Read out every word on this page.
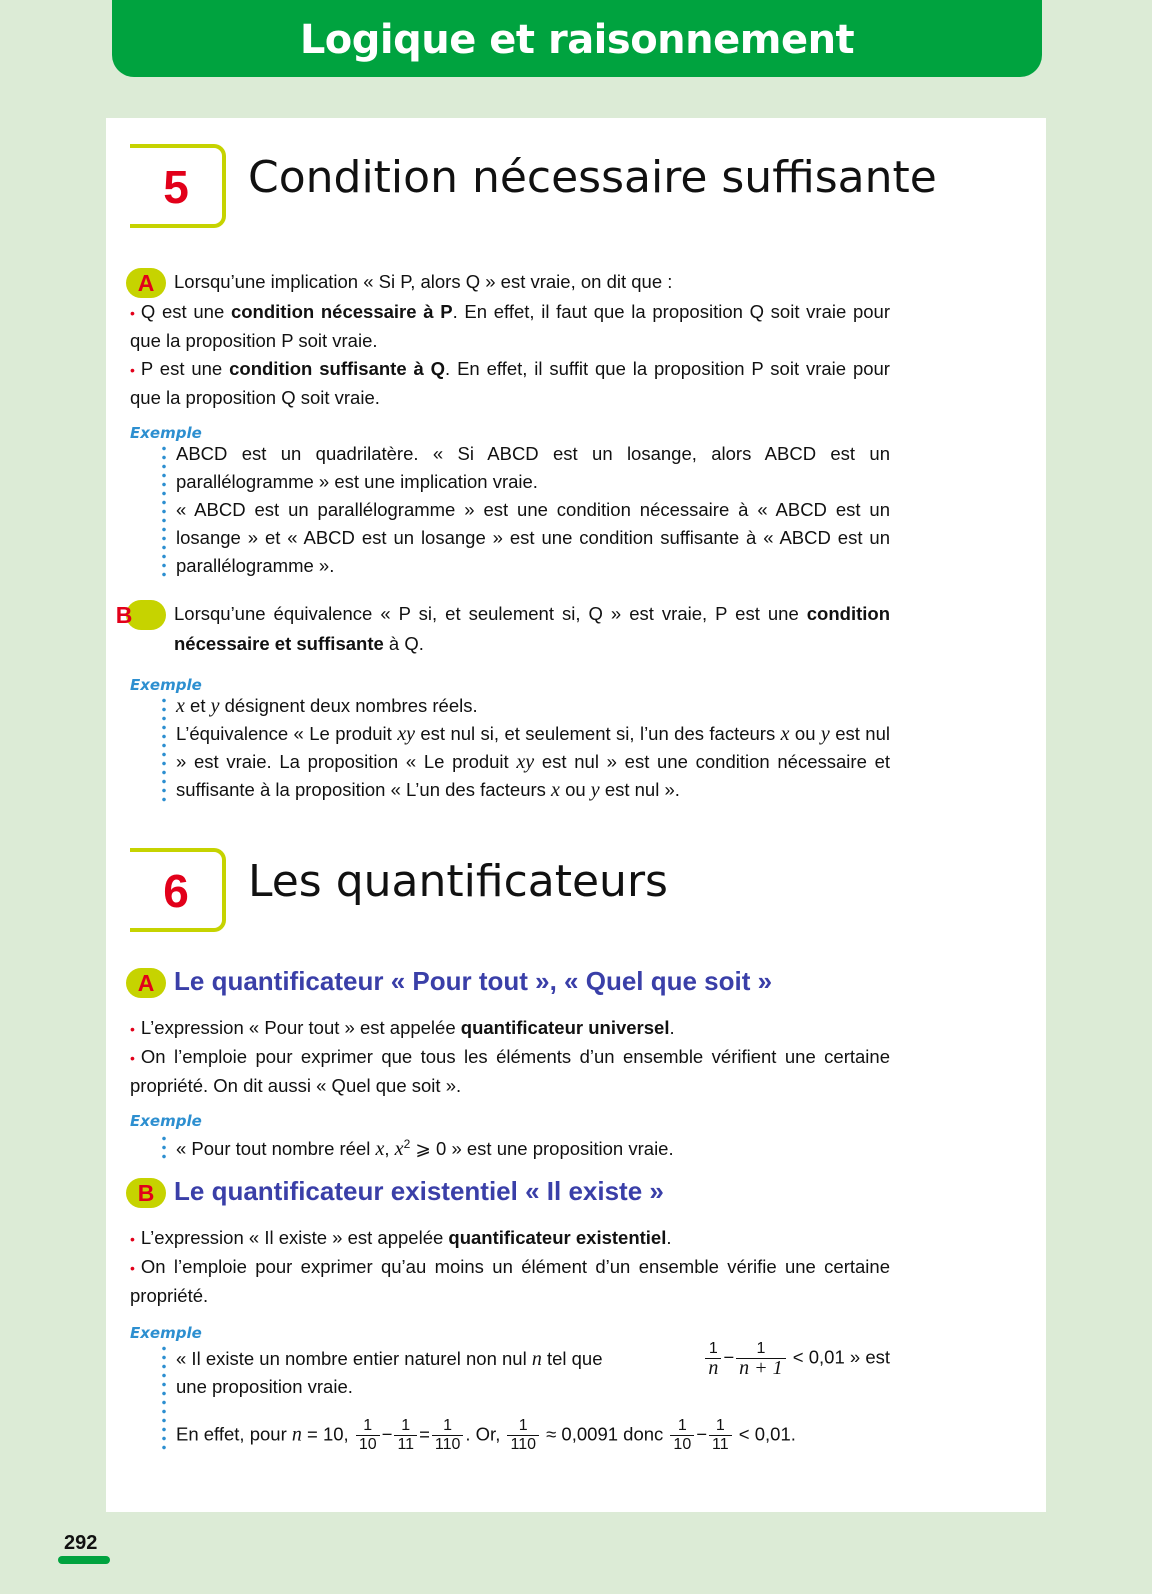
Logique et raisonnement
5	Condition nécessaire suffisante
A Lorsqu’une implication « Si P, alors Q » est vraie, on dit que :
• Q est une condition nécessaire à P. En effet, il faut que la proposition Q soit vraie pour que la proposition P soit vraie.
• P est une condition suffisante à Q. En effet, il suffit que la proposition P soit vraie pour que la proposition Q soit vraie.
Exemple
ABCD est un quadrilatère. « Si ABCD est un losange, alors ABCD est un parallélogramme » est une implication vraie.
« ABCD est un parallélogramme » est une condition nécessaire à « ABCD est un losange » et « ABCD est un losange » est une condition suffisante à « ABCD est un parallélogramme ».
B Lorsqu’une équivalence « P si, et seulement si, Q » est vraie, P est une condition nécessaire et suffisante à Q.
Exemple
x et y désignent deux nombres réels.
L’équivalence « Le produit xy est nul si, et seulement si, l’un des facteurs x ou y est nul » est vraie. La proposition « Le produit xy est nul » est une condition nécessaire et suffisante à la proposition « L’un des facteurs x ou y est nul ».
6	Les quantificateurs
A Le quantificateur « Pour tout », « Quel que soit »
• L’expression « Pour tout » est appelée quantificateur universel.
• On l’emploie pour exprimer que tous les éléments d’un ensemble vérifient une certaine propriété. On dit aussi « Quel que soit ».
Exemple
« Pour tout nombre réel x, $x^2$ ⩾ 0 » est une proposition vraie.
B Le quantificateur existentiel « Il existe »
• L’expression « Il existe » est appelée quantificateur existentiel.
• On l’emploie pour exprimer qu’au moins un élément d’un ensemble vérifie une certaine propriété.
Exemple
« Il existe un nombre entier naturel non nul n tel que	$\frac{1}{n} - \frac{1}{n + 1} < 0,01$ » est
une proposition vraie.
En effet, pour n = 10, $\frac{1}{10} - \frac{1}{11} = \frac{1}{110}$ . Or, $\frac{1}{110} \approx 0,0091$ donc $\frac{1}{10} - \frac{1}{11} < 0,01$.
292
